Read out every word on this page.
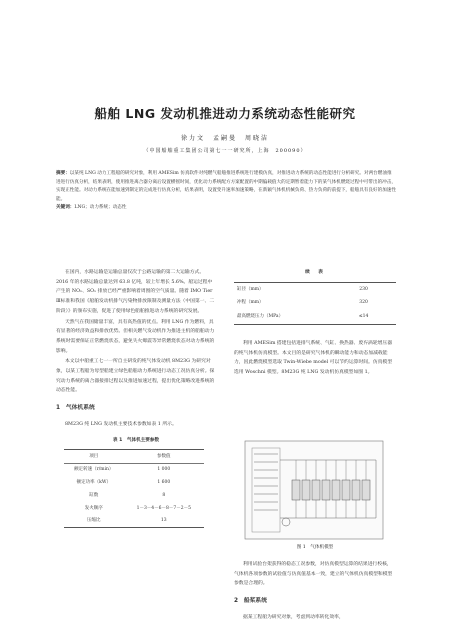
船舶 LNG 发动机推进动力系统动态性能研究
徐力文　孟嗣曼　周晓洁
（中国船舶重工集团公司第七一一研究所，上海　200090）
摘要：以某纯 LNG 动力工程船的研究对象，利用 AMESim 仿真软件对纯燃气船舶推进系统进行建模仿真，对推进动力系统的动态性能进行分析研究。对两台燃油推进进行仿真分析，结果表明，使用推进离合器分离后设置横摇时间，优化动力系统配方方案配置的中期偏载值大的定期暂着能力下的某气体机燃烧过程中可带出的冲击，实现正性能。对动力系统在能加速到制定的完成进行仿真分析，结果表明，设置变升速率加速策略，在新颖气体机机械负荷、热力负荷的前提下，船舶具有良好的加速性能。
关键词：LNG；动力系统；动态性

在国内，水路运输是运输总量仅次于公路运输的第二大运输方式。2016 年的水路运输总量达到 63.8 亿吨，较上年增长 5.6%。船运过程中产生的 NOₓ、SOₓ 排放已经严重影响着周围的空气质量。随着 IMO Tier Ⅲ标准和我国《船舶发动机排气污染物排放限制及测量方法（中国第一、二阶段）》的颁布实施，促进了使用绿色船舶推进动力系统的研究发展。

天然气在我国储量丰富，具有高热值的优点。利用 LNG 作为燃料，具有显著的经济效益和排放优势。但相关燃气发动机作为推进主机的船舶动力系统时需要保证正常燃烧状态，避免失火爆震等异常燃烧状态对动力系统的影响。

本文以中船重工七一一所自主研发的纯气体发动机 8M23G 为研究对象，以某工程船为母型船建立绿色船舶动力系统进行动态工况仿真分析。探究动力系统的离合器接排过程以及推进加速过程，提出优化策略改进系统的动态性能。

1　气体机系统

8M23G 纯 LNG 发动机主要技术参数如表 1 所示。

表 1　气体机主要参数
项目	参数值
额定转速（r/min）	1 000
额定功率（kW）	1 600
缸数	8
发火顺序	1－3－4－6－8－7－2－5
压缩比	13
续　表
缸径（mm）	230
冲程（mm）	320
最高燃烧压力（MPa）	≤14

利用 AMESim 搭建包括进排气系统、气缸、换热器、废弃涡轮增压器的纯气体机仿真模型。本文目的是研究气体机的瞬动能力和动态加减载能力，因此燃烧模型选取 Twin-Wiebe model 可以节约运算时间。仿真模型选用 Woschni 模型。8M23G 纯 LNG 发动机仿真模型如图 1。

图 1　气体机模型

利用试验台架获得的稳态工况参数，对仿真模型运算的结果进行校核，气体机各项参数的试验值与仿真值基本一致，建立的气体机仿真模型和模型参数是合理的。

2　船桨系统

据某工程船为研究对象，考虑到动率转化效率，
